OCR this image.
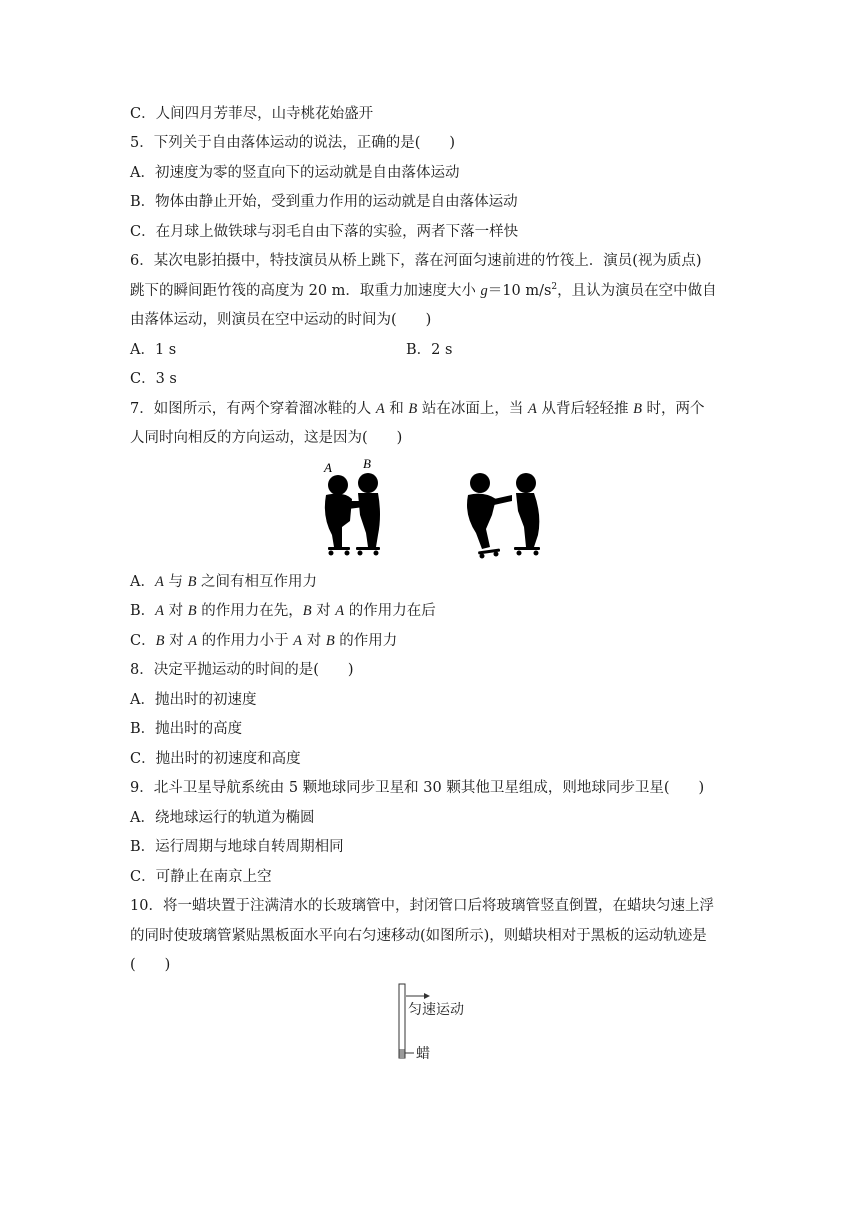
C．人间四月芳菲尽，山寺桃花始盛开
5．下列关于自由落体运动的说法，正确的是(　　)
A．初速度为零的竖直向下的运动就是自由落体运动
B．物体由静止开始，受到重力作用的运动就是自由落体运动
C．在月球上做铁球与羽毛自由下落的实验，两者下落一样快
6．某次电影拍摄中，特技演员从桥上跳下，落在河面匀速前进的竹筏上．演员(视为质点)
跳下的瞬间距竹筏的高度为 20 m．取重力加速度大小 g＝10 $m/s^2$，且认为演员在空中做自
由落体运动，则演员在空中运动的时间为(　　)
A．1 s	B．2 s
C．3 s
7．如图所示，有两个穿着溜冰鞋的人 A 和 B 站在冰面上，当 A 从背后轻轻推 B 时，两个
人同时向相反的方向运动，这是因为(　　)
A B
A．A 与 B 之间有相互作用力
B．A 对 B 的作用力在先，B 对 A 的作用力在后
C．B 对 A 的作用力小于 A 对 B 的作用力
8．决定平抛运动的时间的是(　　)
A．抛出时的初速度
B．抛出时的高度
C．抛出时的初速度和高度
9．北斗卫星导航系统由 5 颗地球同步卫星和 30 颗其他卫星组成，则地球同步卫星(　　)
A．绕地球运行的轨道为椭圆
B．运行周期与地球自转周期相同
C．可静止在南京上空
10．将一蜡块置于注满清水的长玻璃管中，封闭管口后将玻璃管竖直倒置，在蜡块匀速上浮
的同时使玻璃管紧贴黑板面水平向右匀速移动(如图所示)，则蜡块相对于黑板的运动轨迹是
(　　)
匀速运动
蜡
